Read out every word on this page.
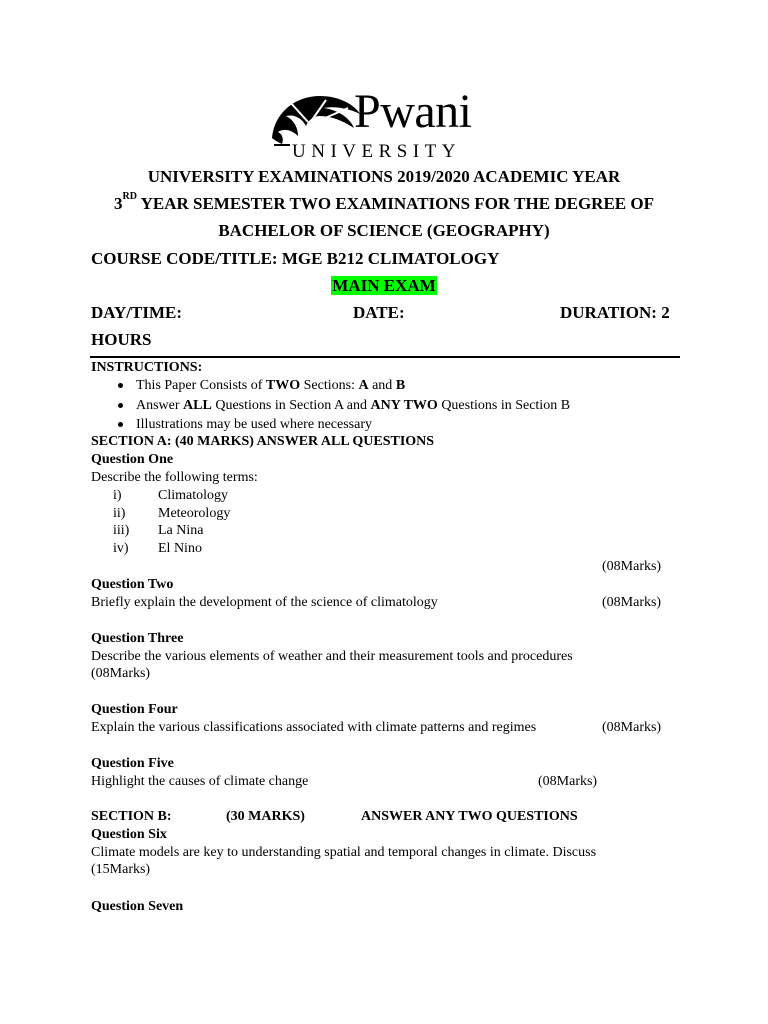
Pwani
UNIVERSITY
UNIVERSITY EXAMINATIONS 2019/2020 ACADEMIC YEAR
3RD YEAR SEMESTER TWO EXAMINATIONS FOR THE DEGREE OF
BACHELOR OF SCIENCE (GEOGRAPHY)
COURSE CODE/TITLE: MGE B212 CLIMATOLOGY
MAIN EXAM
DAY/TIME:	DATE:	DURATION: 2
HOURS
INSTRUCTIONS:
This Paper Consists of TWO Sections: A and B
Answer ALL Questions in Section A and ANY TWO Questions in Section B
Illustrations may be used where necessary
SECTION A: (40 MARKS) ANSWER ALL QUESTIONS
Question One
Describe the following terms:
i)	Climatology
ii) Meteorology
iii) La Nina
iv) El Nino
(08Marks)
Question Two
Briefly explain the development of the science of climatology	(08Marks)
Question Three
Describe the various elements of weather and their measurement tools and procedures
(08Marks)
Question Four
Explain the various classifications associated with climate patterns and regimes	(08Marks)
Question Five
Highlight the causes of climate change	(08Marks)
SECTION B:	(30 MARKS)	ANSWER ANY TWO QUESTIONS
Question Six
Climate models are key to understanding spatial and temporal changes in climate. Discuss
(15Marks)
Question Seven
